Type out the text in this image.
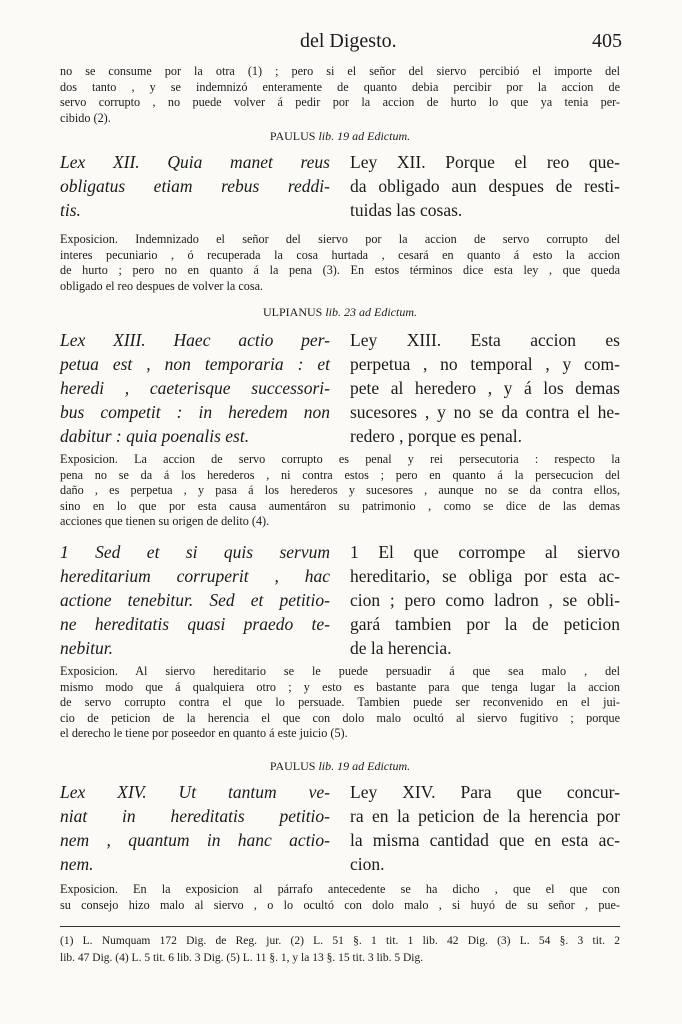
del Digesto.	405
no se consume por la otra (1) ; pero si el señor del siervo percibió el importe del
dos tanto , y se indemnizó enteramente de quanto debia percibir por la accion de
servo corrupto , no puede volver á pedir por la accion de hurto lo que ya tenia per-
cibido (2).
PAULUS lib. 19 ad Edictum.
Lex XII. Quia manet reus
obligatus etiam rebus reddi-
tis.
Ley XII. Porque el reo que-
da obligado aun despues de resti-
tuidas las cosas.
Exposicion. Indemnizado el señor del siervo por la accion de servo corrupto del
interes pecuniario , ó recuperada la cosa hurtada , cesará en quanto á esto la accion
de hurto ; pero no en quanto á la pena (3). En estos términos dice esta ley , que queda
obligado el reo despues de volver la cosa.
ULPIANUS lib. 23 ad Edictum.
Lex XIII. Haec actio per-
petua est , non temporaria : et
heredi , caeterisque successori-
bus competit : in heredem non
dabitur : quia poenalis est.
Ley XIII. Esta accion es
perpetua , no temporal , y com-
pete al heredero , y á los demas
sucesores , y no se da contra el he-
redero , porque es penal.
Exposicion. La accion de servo corrupto es penal y rei persecutoria : respecto la
pena no se da á los herederos , ni contra estos ; pero en quanto á la persecucion del
daño , es perpetua , y pasa á los herederos y sucesores , aunque no se da contra ellos,
sino en lo que por esta causa aumentáron su patrimonio , como se dice de las demas
acciones que tienen su origen de delito (4).
1 Sed et si quis servum
hereditarium corruperit , hac
actione tenebitur. Sed et petitio-
ne hereditatis quasi praedo te-
nebitur.
1 El que corrompe al siervo
hereditario, se obliga por esta ac-
cion ; pero como ladron , se obli-
gará tambien por la de peticion
de la herencia.
Exposicion. Al siervo hereditario se le puede persuadir á que sea malo , del
mismo modo que á qualquiera otro ; y esto es bastante para que tenga lugar la accion
de servo corrupto contra el que lo persuade. Tambien puede ser reconvenido en el jui-
cio de peticion de la herencia el que con dolo malo ocultó al siervo fugitivo ; porque
el derecho le tiene por poseedor en quanto á este juicio (5).
PAULUS lib. 19 ad Edictum.
Lex XIV. Ut tantum ve-
niat in hereditatis petitio-
nem , quantum in hanc actio-
nem.
Ley XIV. Para que concur-
ra en la peticion de la herencia por
la misma cantidad que en esta ac-
cion.
Exposicion. En la exposicion al párrafo antecedente se ha dicho , que el que con
su consejo hizo malo al siervo , o lo ocultó con dolo malo , si huyó de su señor , pue-
(1) L. Numquam 172 Dig. de Reg. jur. (2) L. 51 §. 1 tit. 1 lib. 42 Dig. (3) L. 54 §. 3 tit. 2
lib. 47 Dig. (4) L. 5 tit. 6 lib. 3 Dig. (5) L. 11 §. 1, y la 13 §. 15 tit. 3 lib. 5 Dig.
